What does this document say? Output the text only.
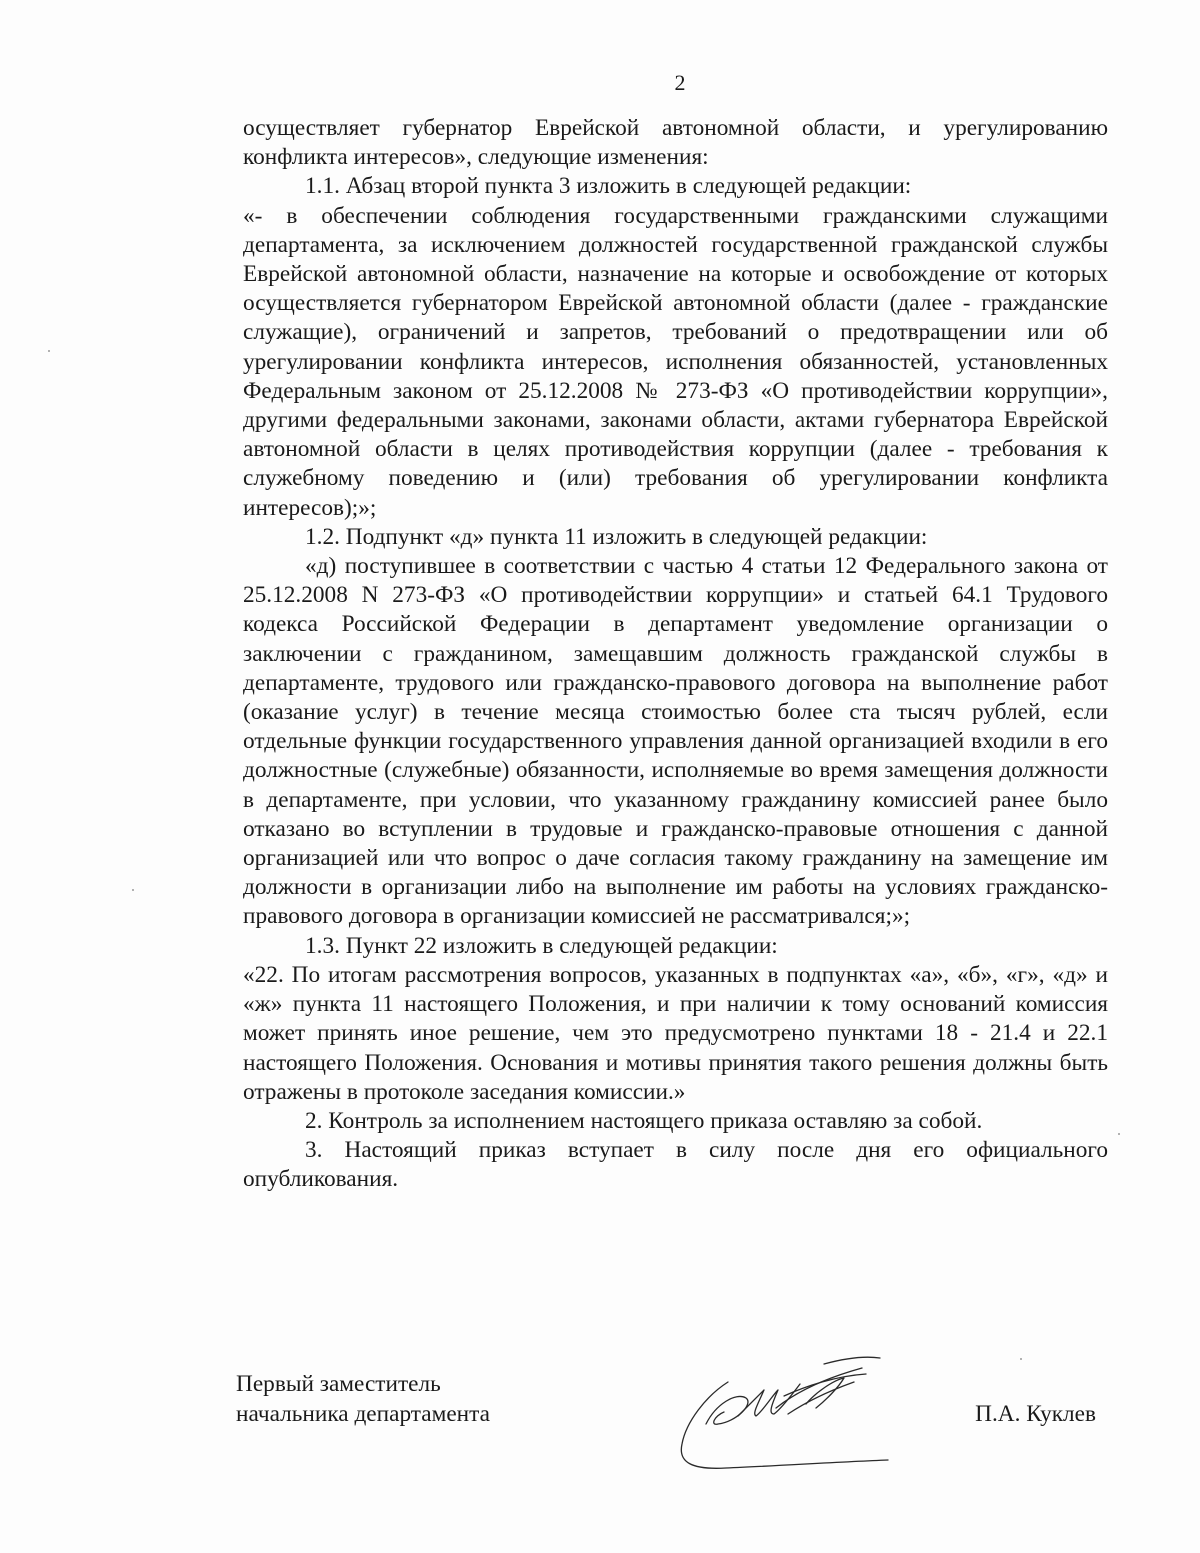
2

осуществляет губернатор Еврейской автономной области, и урегулированию конфликта интересов», следующие изменения:

1.1. Абзац второй пункта 3 изложить в следующей редакции:

«- в обеспечении соблюдения государственными гражданскими служащими департамента, за исключением должностей государственной гражданской службы Еврейской автономной области, назначение на которые и освобождение от которых осуществляется губернатором Еврейской автономной области (далее - гражданские служащие), ограничений и запретов, требований о предотвращении или об урегулировании конфликта интересов, исполнения обязанностей, установленных Федеральным законом от 25.12.2008 № 273-ФЗ «О противодействии коррупции», другими федеральными законами, законами области, актами губернатора Еврейской автономной области в целях противодействия коррупции (далее - требования к служебному поведению и (или) требования об урегулировании конфликта интересов);»;

1.2. Подпункт «д» пункта 11 изложить в следующей редакции:

«д) поступившее в соответствии с частью 4 статьи 12 Федерального закона от 25.12.2008 N 273-ФЗ «О противодействии коррупции» и статьей 64.1 Трудового кодекса Российской Федерации в департамент уведомление организации о заключении с гражданином, замещавшим должность гражданской службы в департаменте, трудового или гражданско-правового договора на выполнение работ (оказание услуг) в течение месяца стоимостью более ста тысяч рублей, если отдельные функции государственного управления данной организацией входили в его должностные (служебные) обязанности, исполняемые во время замещения должности в департаменте, при условии, что указанному гражданину комиссией ранее было отказано во вступлении в трудовые и гражданско-правовые отношения с данной организацией или что вопрос о даче согласия такому гражданину на замещение им должности в организации либо на выполнение им работы на условиях гражданско-правового договора в организации комиссией не рассматривался;»;

1.3. Пункт 22 изложить в следующей редакции:

«22. По итогам рассмотрения вопросов, указанных в подпунктах «а», «б», «г», «д» и «ж» пункта 11 настоящего Положения, и при наличии к тому оснований комиссия может принять иное решение, чем это предусмотрено пунктами 18 - 21.4 и 22.1 настоящего Положения. Основания и мотивы принятия такого решения должны быть отражены в протоколе заседания комиссии.»

2. Контроль за исполнением настоящего приказа оставляю за собой.

3. Настоящий приказ вступает в силу после дня его официального опубликования.

Первый заместитель
начальника департамента	П.А. Куклев
